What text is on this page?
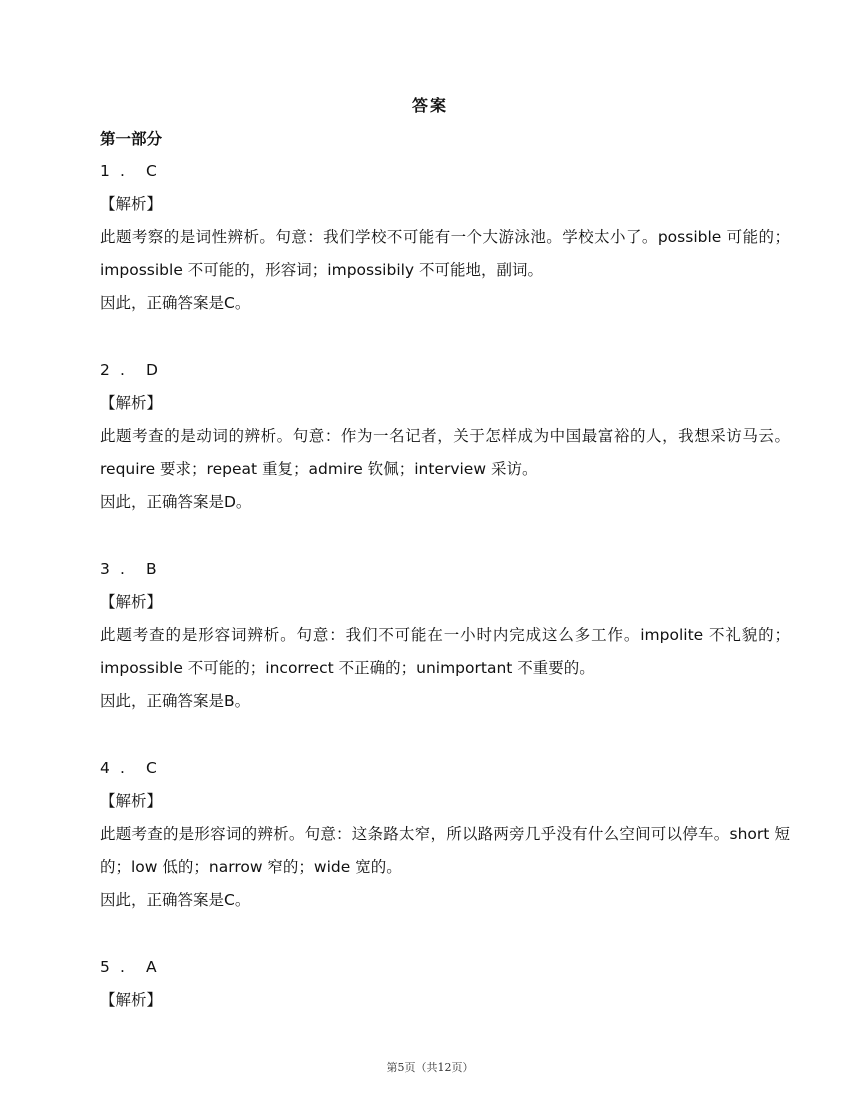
答案
第一部分
1 . C
【解析】
此题考察的是词性辨析。句意：我们学校不可能有一个大游泳池。学校太小了。possible 可能的；impossible 不可能的，形容词；impossibily 不可能地，副词。
因此，正确答案是C。
2 . D
【解析】
此题考查的是动词的辨析。句意：作为一名记者，关于怎样成为中国最富裕的人，我想采访马云。require 要求；repeat 重复；admire 钦佩；interview 采访。
因此，正确答案是D。
3 . B
【解析】
此题考查的是形容词辨析。句意：我们不可能在一小时内完成这么多工作。impolite 不礼貌的；impossible 不可能的；incorrect 不正确的；unimportant 不重要的。
因此，正确答案是B。
4 . C
【解析】
此题考查的是形容词的辨析。句意：这条路太窄，所以路两旁几乎没有什么空间可以停车。short 短的；low 低的；narrow 窄的；wide 宽的。
因此，正确答案是C。
5 . A
【解析】
第5页（共12页）
